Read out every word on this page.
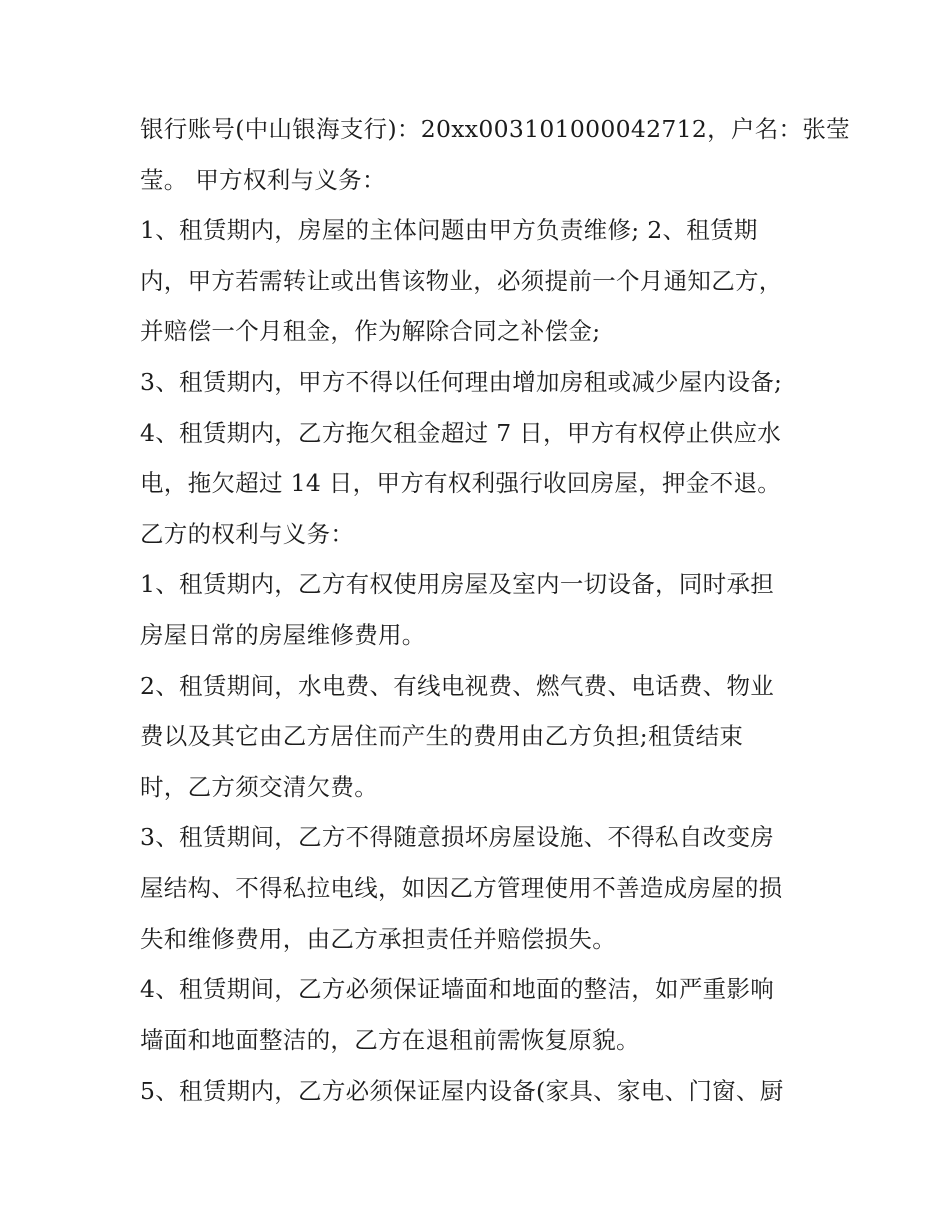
银行账号(中山银海支行)：20xx003101000042712，户名：张莹
莹。 甲方权利与义务：
1、租赁期内，房屋的主体问题由甲方负责维修; 2、租赁期
内，甲方若需转让或出售该物业，必须提前一个月通知乙方，
并赔偿一个月租金，作为解除合同之补偿金;
3、租赁期内，甲方不得以任何理由增加房租或减少屋内设备;
4、租赁期内，乙方拖欠租金超过 7 日，甲方有权停止供应水
电，拖欠超过 14 日，甲方有权利强行收回房屋，押金不退。
乙方的权利与义务：
1、租赁期内，乙方有权使用房屋及室内一切设备，同时承担
房屋日常的房屋维修费用。
2、租赁期间，水电费、有线电视费、燃气费、电话费、物业
费以及其它由乙方居住而产生的费用由乙方负担;租赁结束
时，乙方须交清欠费。
3、租赁期间，乙方不得随意损坏房屋设施、不得私自改变房
屋结构、不得私拉电线，如因乙方管理使用不善造成房屋的损
失和维修费用，由乙方承担责任并赔偿损失。
4、租赁期间，乙方必须保证墙面和地面的整洁，如严重影响
墙面和地面整洁的，乙方在退租前需恢复原貌。
5、租赁期内，乙方必须保证屋内设备(家具、家电、门窗、厨
